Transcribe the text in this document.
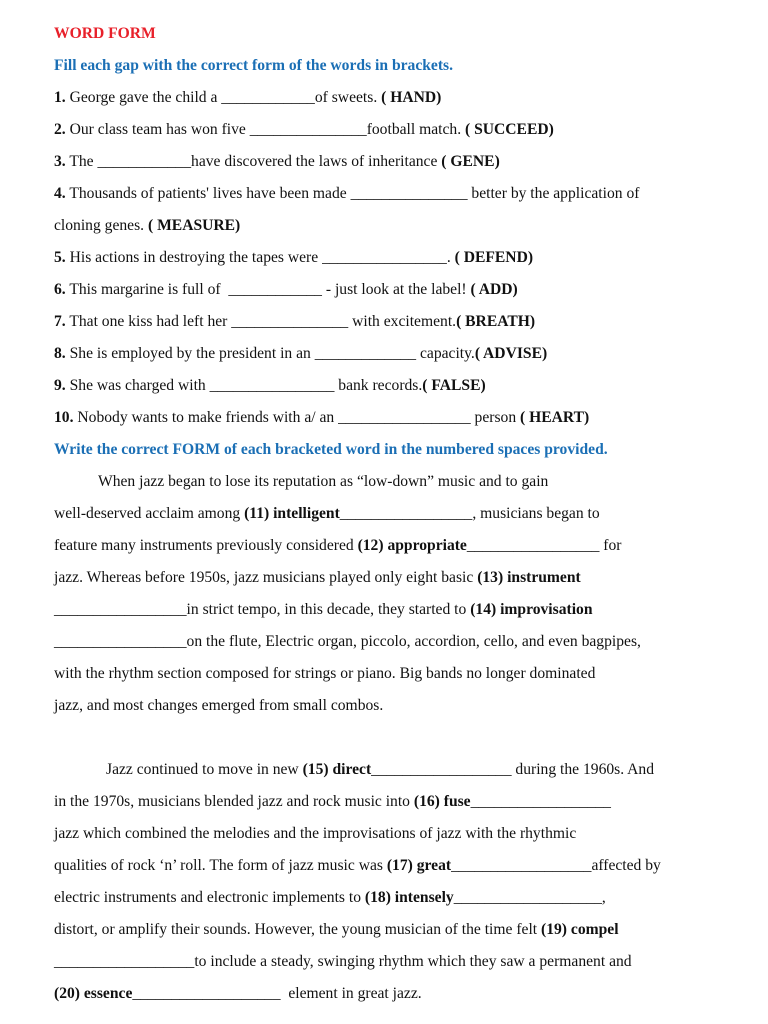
WORD FORM
Fill each gap with the correct form of the words in brackets.
1. George gave the child a ____________of sweets. ( HAND)
2. Our class team has won five _______________football match. ( SUCCEED)
3. The ____________have discovered the laws of inheritance ( GENE)
4. Thousands of patients' lives have been made _______________ better by the application of
cloning genes. ( MEASURE)
5. His actions in destroying the tapes were ________________. ( DEFEND)
6. This margarine is full of  ____________ - just look at the label! ( ADD)
7. That one kiss had left her _______________ with excitement.( BREATH)
8. She is employed by the president in an _____________ capacity.( ADVISE)
9. She was charged with ________________ bank records.( FALSE)
10. Nobody wants to make friends with a/ an _________________ person ( HEART)
Write the correct FORM of each bracketed word in the numbered spaces provided.
When jazz began to lose its reputation as “low-down” music and to gain
well-deserved acclaim among (11) intelligent_________________, musicians began to
feature many instruments previously considered (12) appropriate_________________ for
jazz. Whereas before 1950s, jazz musicians played only eight basic (13) instrument
_________________in strict tempo, in this decade, they started to (14) improvisation
_________________on the flute, Electric organ, piccolo, accordion, cello, and even bagpipes,
with the rhythm section composed for strings or piano. Big bands no longer dominated
jazz, and most changes emerged from small combos.
Jazz continued to move in new (15) direct__________________ during the 1960s. And
in the 1970s, musicians blended jazz and rock music into (16) fuse__________________
jazz which combined the melodies and the improvisations of jazz with the rhythmic
qualities of rock ‘n’ roll. The form of jazz music was (17) great__________________affected by
electric instruments and electronic implements to (18) intensely___________________,
distort, or amplify their sounds. However, the young musician of the time felt (19) compel
__________________to include a steady, swinging rhythm which they saw a permanent and
(20) essence___________________  element in great jazz.
